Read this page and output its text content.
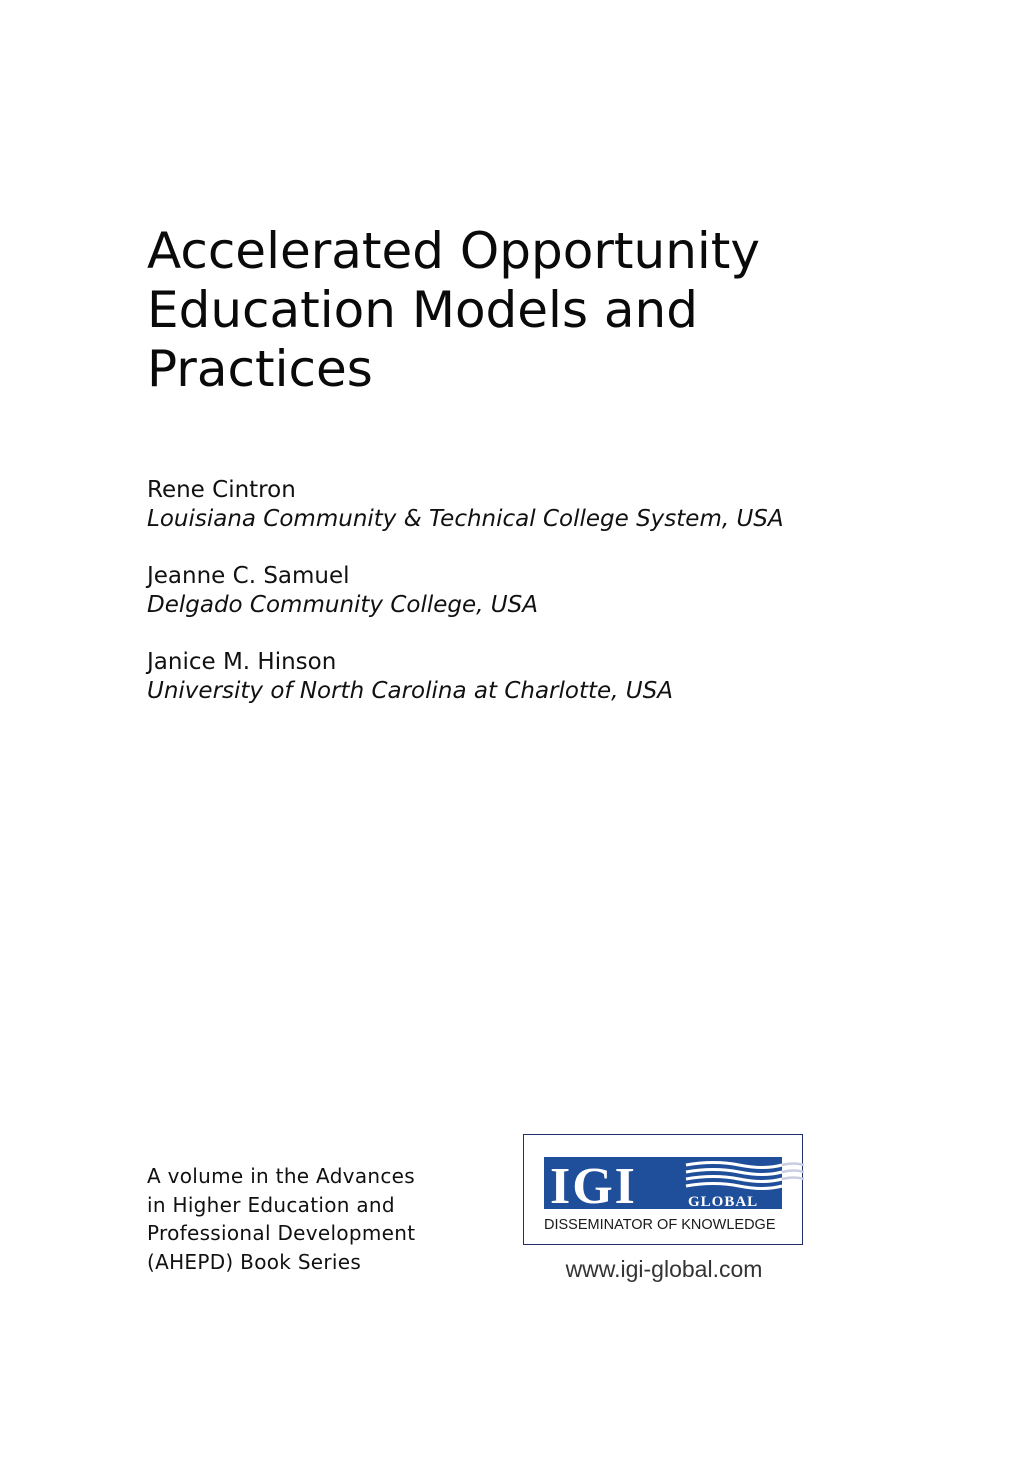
Accelerated Opportunity
Education Models and
Practices
Rene Cintron
Louisiana Community & Technical College System, USA
Jeanne C. Samuel
Delgado Community College, USA
Janice M. Hinson
University of North Carolina at Charlotte, USA
A volume in the Advances
in Higher Education and
Professional Development
(AHEPD) Book Series
IGI	GLOBAL
DISSEMINATOR OF KNOWLEDGE
www.igi-global.com
